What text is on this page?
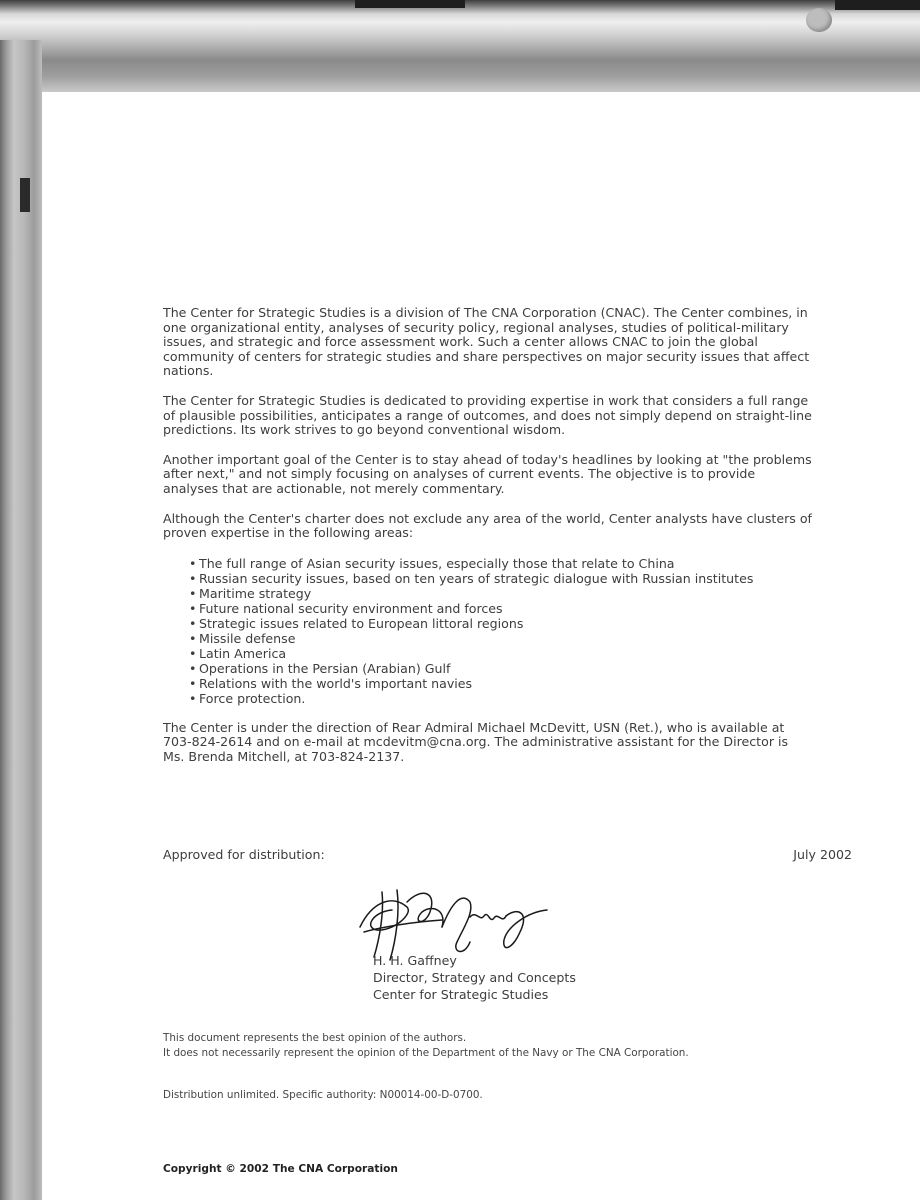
The Center for Strategic Studies is a division of The CNA Corporation (CNAC). The Center combines, in one organizational entity, analyses of security policy, regional analyses, studies of political-military issues, and strategic and force assessment work. Such a center allows CNAC to join the global community of centers for strategic studies and share perspectives on major security issues that affect nations.

The Center for Strategic Studies is dedicated to providing expertise in work that considers a full range of plausible possibilities, anticipates a range of outcomes, and does not simply depend on straight-line predictions. Its work strives to go beyond conventional wisdom.

Another important goal of the Center is to stay ahead of today's headlines by looking at "the problems after next," and not simply focusing on analyses of current events. The objective is to provide analyses that are actionable, not merely commentary.

Although the Center's charter does not exclude any area of the world, Center analysts have clusters of proven expertise in the following areas:

• The full range of Asian security issues, especially those that relate to China
• Russian security issues, based on ten years of strategic dialogue with Russian institutes
• Maritime strategy
• Future national security environment and forces
• Strategic issues related to European littoral regions
• Missile defense
• Latin America
• Operations in the Persian (Arabian) Gulf
• Relations with the world's important navies
• Force protection.

The Center is under the direction of Rear Admiral Michael McDevitt, USN (Ret.), who is available at 703-824-2614 and on e-mail at mcdevitm@cna.org. The administrative assistant for the Director is Ms. Brenda Mitchell, at 703-824-2137.

Approved for distribution:	July 2002
H. H. Gaffney
Director, Strategy and Concepts
Center for Strategic Studies
This document represents the best opinion of the authors.
It does not necessarily represent the opinion of the Department of the Navy or The CNA Corporation.
Distribution unlimited. Specific authority: N00014-00-D-0700.
Copyright © 2002 The CNA Corporation
